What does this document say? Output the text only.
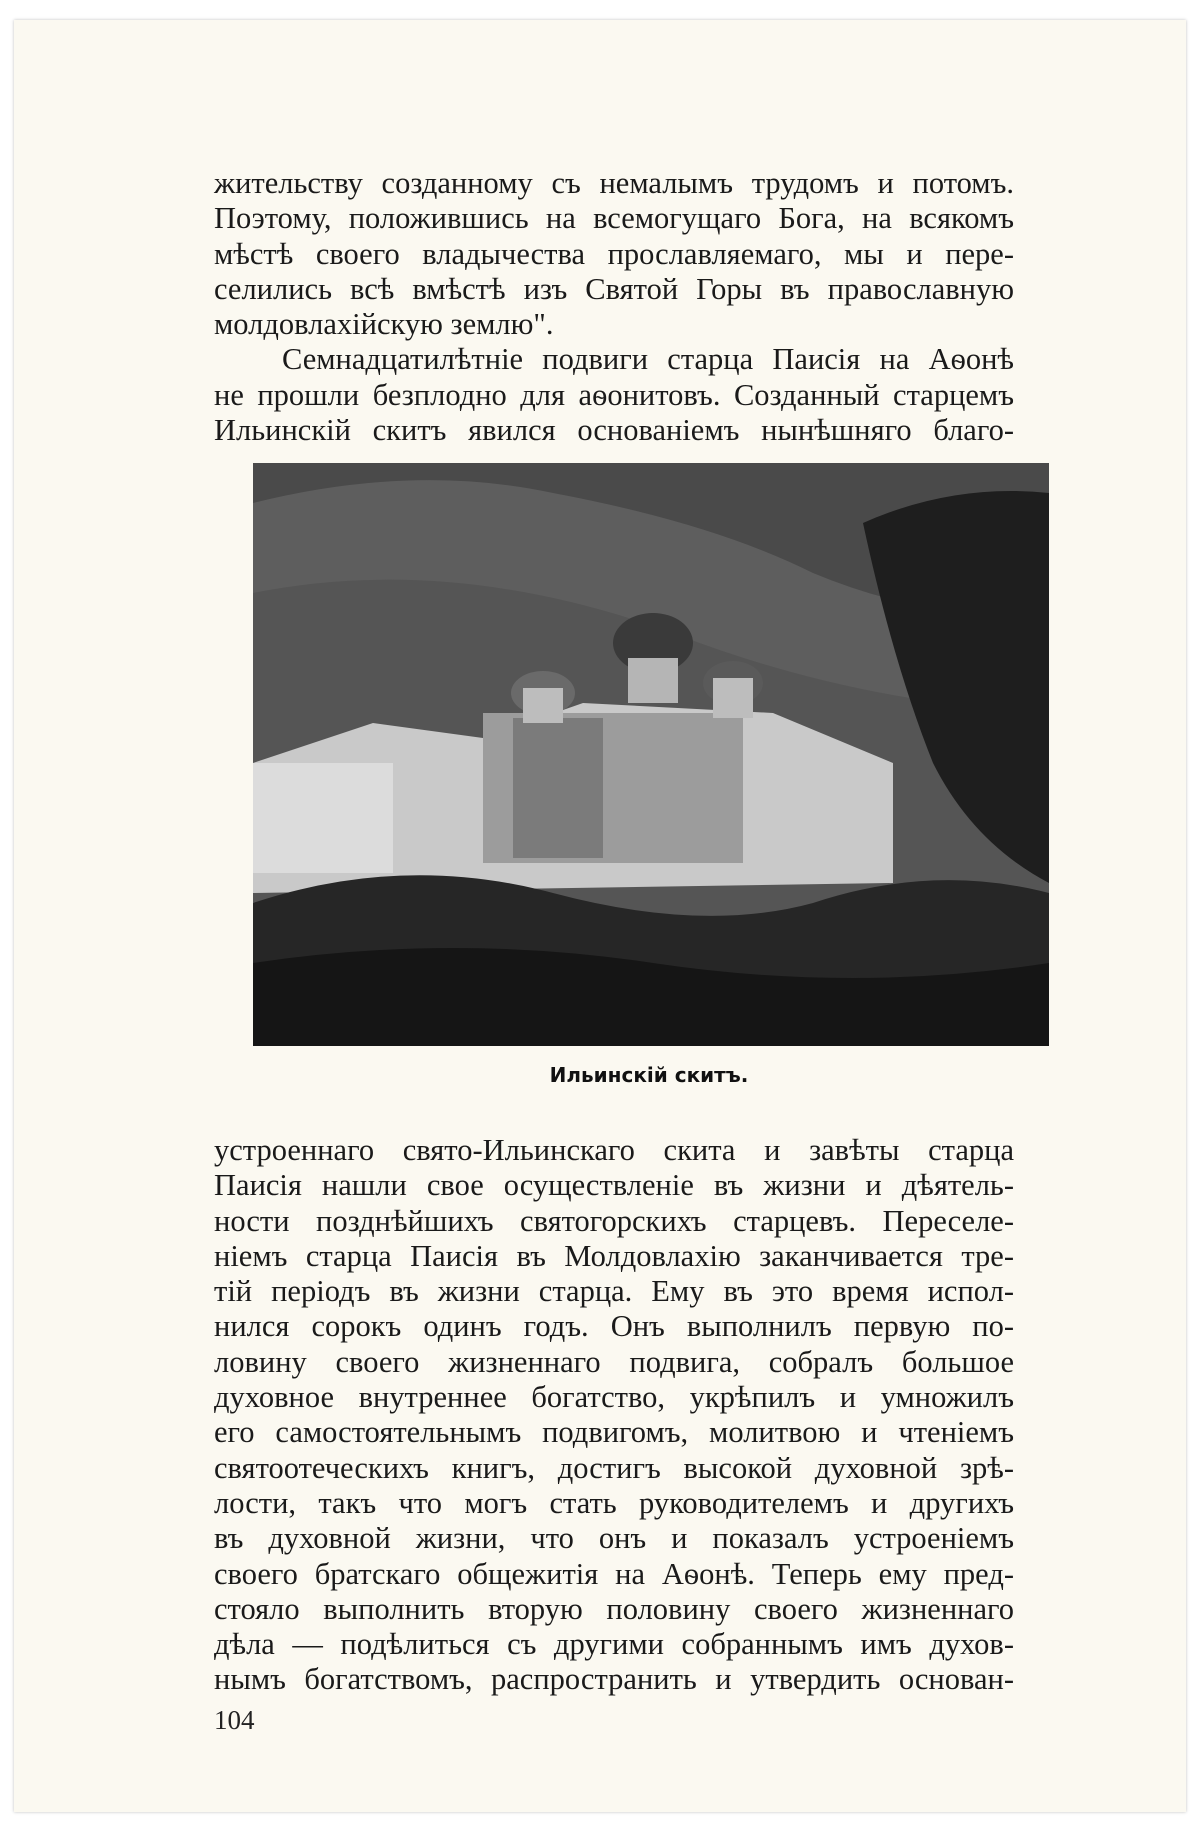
жительству созданному съ немалымъ трудомъ и потомъ.

Поэтому, положившись на всемогущаго Бога, на всякомъ

мѣстѣ своего владычества прославляемаго, мы и пере-

селились всѣ вмѣстѣ изъ Святой Горы въ православную

молдовлахійскую землю".

Семнадцатилѣтніе подвиги старца Паисія на Аѳонѣ

не прошли безплодно для аѳонитовъ. Созданный старцемъ

Ильинскій скитъ явился основаніемъ нынѣшняго благо-

Ильинскій скитъ.

устроеннаго свято-Ильинскаго скита и завѣты старца

Паисія нашли свое осуществленіе въ жизни и дѣятель-

ности позднѣйшихъ святогорскихъ старцевъ. Переселе-

ніемъ старца Паисія въ Молдовлахію заканчивается тре-

тій періодъ въ жизни старца. Ему въ это время испол-

нился сорокъ одинъ годъ. Онъ выполнилъ первую по-

ловину своего жизненнаго подвига, собралъ большое

духовное внутреннее богатство, укрѣпилъ и умножилъ

его самостоятельнымъ подвигомъ, молитвою и чтеніемъ

святоотеческихъ книгъ, достигъ высокой духовной зрѣ-

лости, такъ что могъ стать руководителемъ и другихъ

въ духовной жизни, что онъ и показалъ устроеніемъ

своего братскаго общежитія на Аѳонѣ. Теперь ему пред-

стояло выполнить вторую половину своего жизненнаго

дѣла — подѣлиться съ другими собраннымъ имъ духов-

нымъ богатствомъ, распространить и утвердить основан-

104
